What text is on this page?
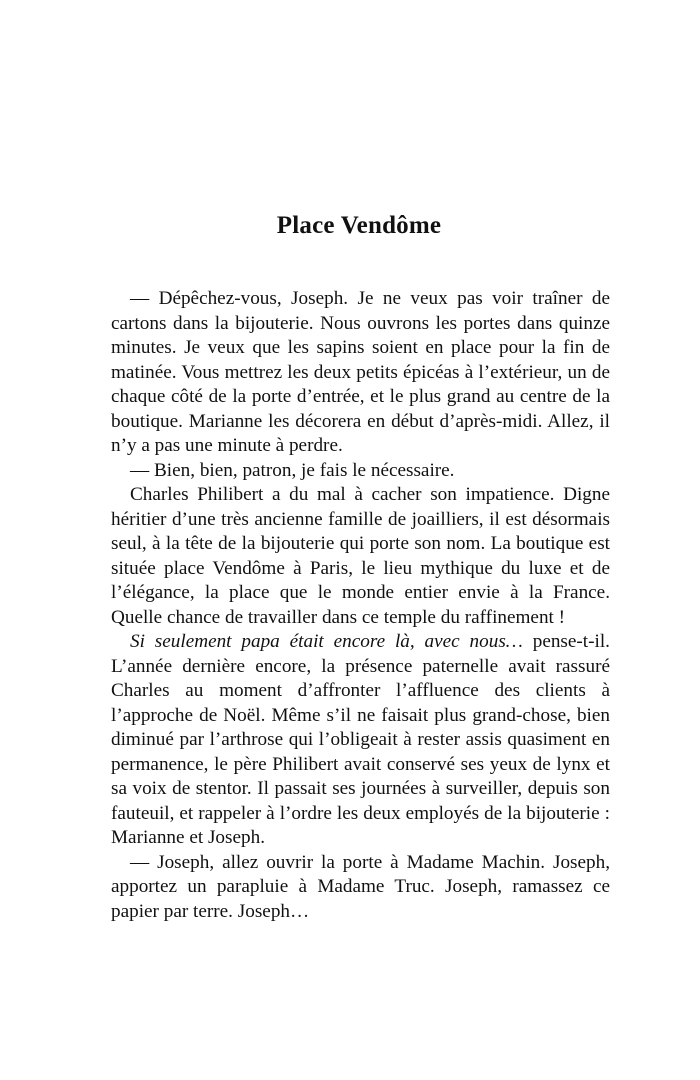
Place Vendôme

— Dépêchez-vous, Joseph. Je ne veux pas voir traîner de cartons dans la bijouterie. Nous ouvrons les portes dans quinze minutes. Je veux que les sapins soient en place pour la fin de matinée. Vous mettrez les deux petits épicéas à l’extérieur, un de chaque côté de la porte d’entrée, et le plus grand au centre de la boutique. Marianne les décorera en début d’après-midi. Allez, il n’y a pas une minute à perdre.

— Bien, bien, patron, je fais le nécessaire.

Charles Philibert a du mal à cacher son impatience. Digne héritier d’une très ancienne famille de joailliers, il est désormais seul, à la tête de la bijouterie qui porte son nom. La boutique est située place Vendôme à Paris, le lieu mythique du luxe et de l’élégance, la place que le monde entier envie à la France. Quelle chance de travailler dans ce temple du raffinement !

Si seulement papa était encore là, avec nous… pense-t-il. L’année dernière encore, la présence paternelle avait rassuré Charles au moment d’affronter l’affluence des clients à l’approche de Noël. Même s’il ne faisait plus grand-chose, bien diminué par l’arthrose qui l’obligeait à rester assis quasiment en permanence, le père Philibert avait conservé ses yeux de lynx et sa voix de stentor. Il passait ses journées à surveiller, depuis son fauteuil, et rappeler à l’ordre les deux employés de la bijouterie : Marianne et Joseph.

— Joseph, allez ouvrir la porte à Madame Machin. Joseph, apportez un parapluie à Madame Truc. Joseph, ramassez ce papier par terre. Joseph…
